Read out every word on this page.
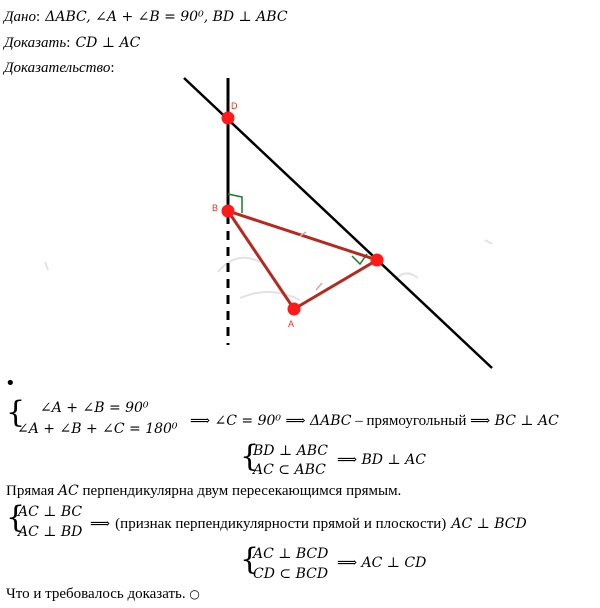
Дано: ΔABC, ∠A + ∠B = 90⁰, BD ⊥ ABC
Доказать: CD ⊥ AC
Доказательство:
D
B
A
•
{ ∠A + ∠B = 90⁰
∠A + ∠B + ∠C = 180⁰ ⟹ ∠C = 90⁰ ⟹ ΔABC – прямоугольный ⟹ BC ⊥ AC
{
BD ⊥ ABC
AC ⊂ ABC
⟹ BD ⊥ AC
Прямая AC перпендикулярна двум пересекающимся прямым.
{
AC ⊥ BC
AC ⊥ BD ⟹ (признак перпендикулярности прямой и плоскости) AC ⊥ BCD
{
AC ⊥ BCD
CD ⊂ BCD
⟹ AC ⊥ CD
Что и требовалось доказать. ○
